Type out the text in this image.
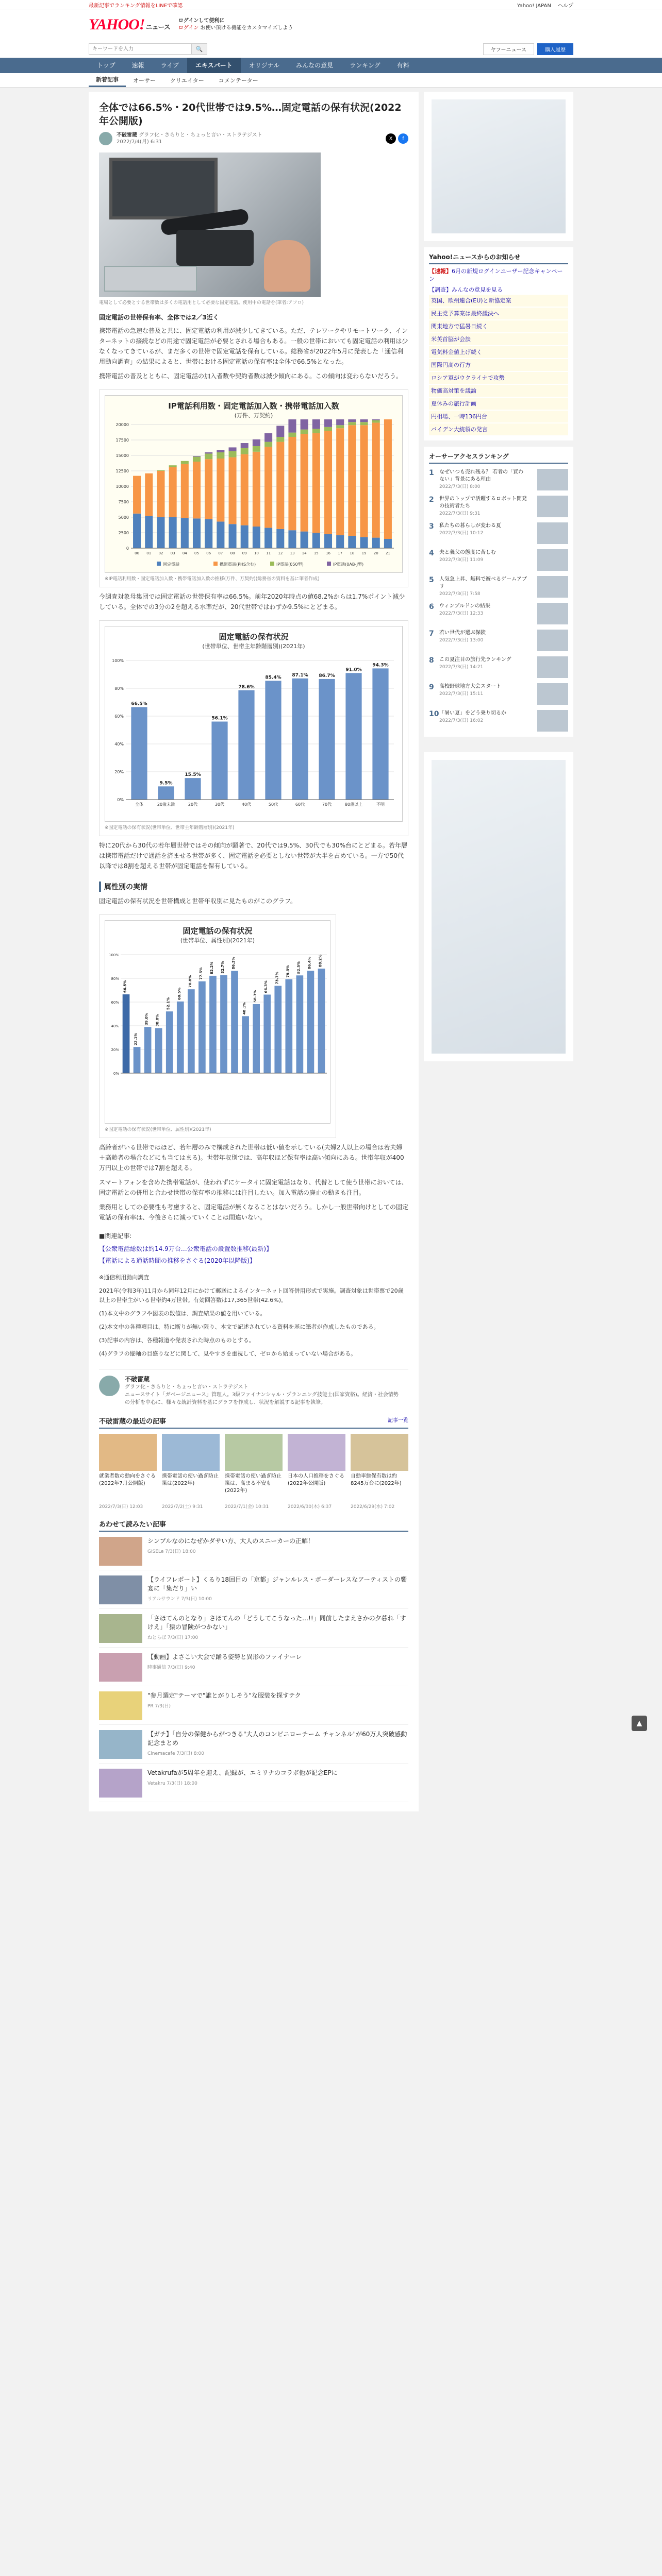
最新記事でランキング情報をLINEで確認	Yahoo! JAPAN ヘルプ
YAHOO! ニュース
ログインして便利に
ログイン お使い頂ける機能をカスタマイズしよう
キーワードを入力
🔍	ヤフーニュース	購入履歴
トップ	速報	ライブ	エキスパート	オリジナル	みんなの意見	ランキング	有料
新着記事	オーサー	クリエイター	コメンテーター
全体では66.5%・20代世帯では9.5%…固定電話の保有状況(2022年公開版)
不破雷蔵 グラフ化・さらりと・ちょっと言い・ストラテジスト
2022/7/4(月) 6:31
X	f
電場として必要とする世帯数は多くの電話用として必要な固定電話。使用中の電話を(筆者:アフロ)
固定電話の世帯保有率、全体では2／3近く

携帯電話の急速な普及と共に、固定電話の利用が減少してきている。ただ、テレワークやリモートワーク、インターネットの接続などの用途で固定電話が必要とされる場合もある。一般の世帯においても固定電話の利用は少なくなってきているが、まだ多くの世帯で固定電話を保有している。総務省が2022年5月に発表した「通信利用動向調査」の結果によると、世帯における固定電話の保有率は全体で66.5%となった。

携帯電話の普及とともに、固定電話の加入者数や契約者数は減少傾向にある。この傾向は変わらないだろう。

IP電話利用数・固定電話加入数・携帯電話加入数
(万件、万契約)
0
2500
5000
7500
10000
12500
15000
17500
20000
00 01 02 03 04 05 06 07 08 09 10 11 12 13 14 15 16 17 18 19 20 21
固定電話	携帯電話(PHS含む)	IP電話(050型)	IP電話(0AB-J型)
※IP電話利用数・固定電話加入数・携帯電話加入数の推移(万件、万契約)(総務省の資料を基に筆者作成)

今調査対象母集団では固定電話の世帯保有率は66.5%。前年2020年時点の値68.2%からは1.7%ポイント減少している。全体での3分の2を超える水準だが、20代世帯ではわずか9.5%にとどまる。

固定電話の保有状況
(世帯単位、世帯主年齢階層別)(2021年)
0%
20%
40%
60%
80%
100%
66.5%
全体
9.5%
20歳未満
15.5%
20代
56.1%
30代
78.6%
40代
85.4%
50代
87.1%
60代
86.7%
70代
91.0%
80歳以上
94.3%
不明
※固定電話の保有状況(世帯単位、世帯主年齢階層別)(2021年)

特に20代から30代の若年層世帯ではその傾向が顕著で、20代では9.5%、30代でも30%台にとどまる。若年層は携帯電話だけで通話を済ませる世帯が多く、固定電話を必要としない世帯が大半を占めている。一方で50代以降では8割を超える世帯が固定電話を保有している。

属性別の実情

固定電話の保有状況を世帯構成と世帯年収別に見たものがこのグラフ。

固定電話の保有状況
(世帯単位、属性別)(2021年)
0%
20%
40%
60%
80%
100%
66.5%
22.1%
39.0% 38.0%
52.1%
60.5%
70.8%
77.5% 82.2% 82.7% 86.3%
48.1%
58.3%
66.3%
73.7%
79.3% 82.5% 86.4% 88.2%
※固定電話の保有状況(世帯単位、属性別)(2021年)

高齢者がいる世帯ではほど、若年層のみで構成された世帯は低い値を示している(夫婦2人以上の場合は若夫婦＋高齢者の場合などにも当てはまる)。世帯年収別では、高年収ほど保有率は高い傾向にある。世帯年収が400万円以上の世帯では7割を超える。

スマートフォンを含めた携帯電話が、使われずにケータイに固定電話はなり、代替として使う世帯においては、固定電話との併用と合わせ世帯の保有率の推移には注目したい。加入電話の廃止の動きも注目。

業務用としての必要性も考慮すると、固定電話が無くなることはないだろう。しかし一般世帯向けとしての固定電話の保有率は、今後さらに減っていくことは間違いない。

■関連記事:

【公衆電話総数は約14.9万台…公衆電話の設置数推移(最新)】
【電話による通話時間の推移をさぐる(2020年以降版)】

※通信利用動向調査

2021年(令和3年)11月から同年12月にかけて郵送によるインターネット回答併用形式で実施。調査対象は世帯票で20歳以上の世帯主がいる世帯約4万世帯。有効回答数は17,365世帯(42.6%)。

(1)本文中のグラフや図表の数値は、調査結果の値を用いている。

(2)本文中の各種項目は、特に断りが無い限り、本文で記述されている資料を基に筆者が作成したものである。

(3)記事の内容は、各種報道や発表された時点のものとする。

(4)グラフの縦軸の目盛りなどに関して、見やすさを重視して、ゼロから始まっていない場合がある。

不破雷蔵
グラフ化・さらりと・ちょっと言い・ストラテジスト
ニュースサイト「ガベージニュース」管理人。3級ファイナンシャル・プランニング技能士(国家資格)。経済・社会情勢の分析を中心に、様々な統計資料を基にグラフを作成し、状況を解説する記事を執筆。
不破雷蔵の最近の記事	記事一覧
就業者数の動向をさぐる(2022年7月公開版)
2022/7/3(日) 12:03
携帯電話の使い過ぎ防止策は(2022年)
2022/7/2(土) 9:31
携帯電話の使い過ぎ防止策は、高まる不安も(2022年)
2022/7/1(金) 10:31
日本の人口推移をさぐる(2022年公開版)
2022/6/30(木) 6:37
自動車総保有数は約8245万台に(2022年)
2022/6/29(水) 7:02
あわせて読みたい記事
シンプルなのになぜかダサい方、大人のスニーカーの正解！
GISELe 7/3(日) 18:00
【ライフレポート】くるり18回目の「京都」ジャンルレス・ボーダーレスなアーティストの饗宴に「集だり」い
リアルサウンド 7/3(日) 10:00
「さほてんのとなり」さほてんの「どうしてこうなった…!!」同前したまえさかの夕暮れ「すけえ」「猿の冒険がつかない」
ねとらぼ 7/3(日) 17:00
【動画】よさこい大会で踊る姿勢と異形のファイナーレ
時事通信 7/3(日) 9:40
"参月選定"テーマで"誰とがりしそう"な服装を探すテク
PR 7/3(日)
【ガチ】「自分の保健からがつきる"大人のコンビニローチーム チャンネル"が60万人突破感動記念まとめ
Cinemacafe 7/3(日) 8:00
Vetakrufaが5周年を迎え、記録が、エミリナのコラボ他が記念EPに
Vetakru 7/3(日) 18:00
Yahoo!ニュースからのお知らせ
【速報】6月の新規ログインユーザー記念キャンペーン
【調査】みんなの意見を見る
英国、欧州連合(EU)と新協定案
民主党予算案は最終議決へ
関東地方で猛暑日続く
米英首脳が会談
電気料金値上げ続く
国際円高の行方
ロシア軍がウクライナで攻勢
物価高対策を議論
夏休みの旅行計画
円相場、一時136円台
バイデン大統領の発言
オーサーアクセスランキング
1	なぜいつも売れ残る？ 若者の「買わない」背景にある理由
2022/7/3(日) 8:00
2	世界のトップで活躍するロボット開発の技術者たち
2022/7/3(日) 9:31
3	私たちの暮らしが変わる夏
2022/7/3(日) 10:12
4	夫と義父の態度に苦しむ
2022/7/3(日) 11:09
5	人気急上昇、無料で遊べるゲームアプリ
2022/7/3(日) 7:58
6	ウィンブルドンの結果
2022/7/3(日) 12:33
7	若い世代が選ぶ保険
2022/7/3(日) 13:00
8	この夏注目の旅行先ランキング
2022/7/3(日) 14:21
9	高校野球地方大会スタート
2022/7/3(日) 15:11
10 「暑い夏」をどう乗り切るか
2022/7/3(日) 16:02
▲
